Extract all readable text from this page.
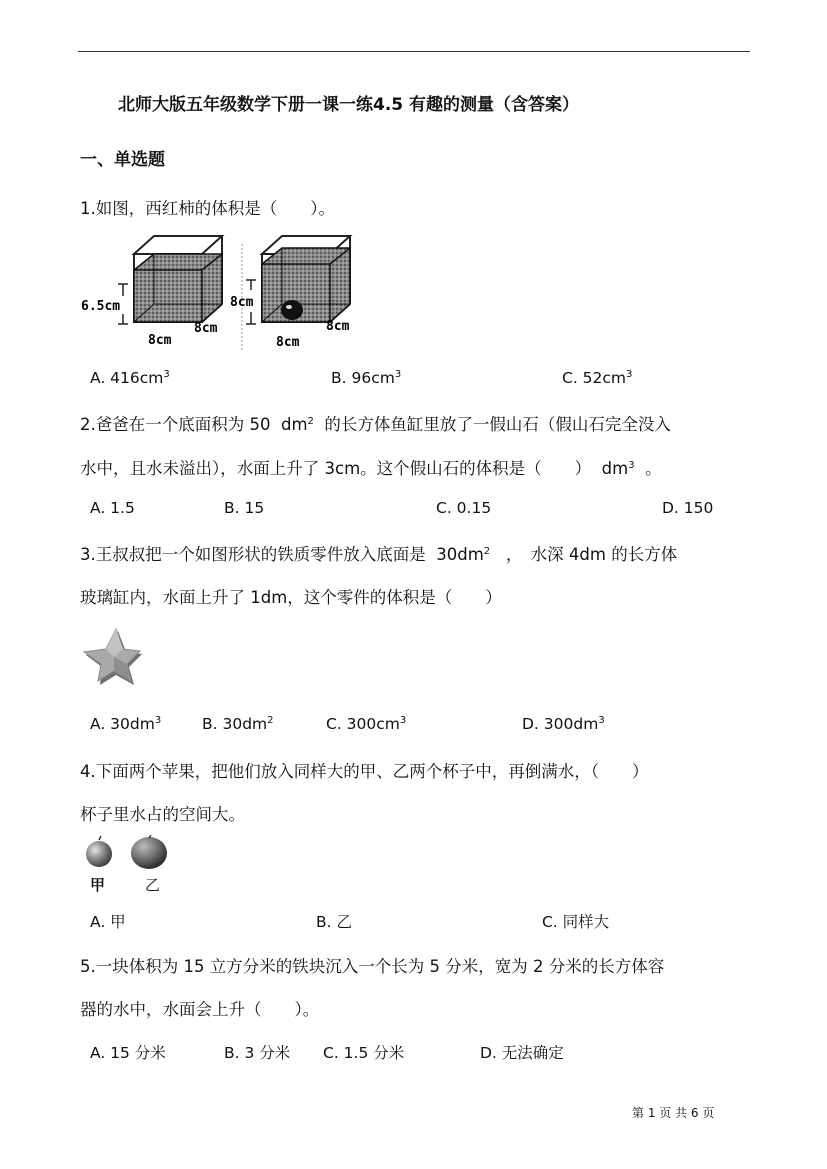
北师大版五年级数学下册一课一练4.5 有趣的测量（含答案）
一、单选题
1.如图，西红柿的体积是（　　）。
6.5cm
8cm
8cm
8cm
8cm
8cm
A. $416cm^3$	B. $96cm^3$	C. $52cm^3$
2.爸爸在一个底面积为 50 $dm^2$ 的长方体鱼缸里放了一假山石（假山石完全没入
水中，且水未溢出），水面上升了 3cm。这个假山石的体积是（　　） $dm^3$ 。
A. 1.5	B. 15	C. 0.15	D. 150
3.王叔叔把一个如图形状的铁质零件放入底面是 $30dm^2$ ，　水深 4dm 的长方体
玻璃缸内，水面上升了 1dm，这个零件的体积是（　　）
A. $30dm^3$	B. $30dm^2$	C. $300cm^3$	D. $300dm^3$
4.下面两个苹果，把他们放入同样大的甲、乙两个杯子中，再倒满水，（　　）
杯子里水占的空间大。
甲	乙
A. 甲	B. 乙	C. 同样大
5.一块体积为 15 立方分米的铁块沉入一个长为 5 分米，宽为 2 分米的长方体容
器的水中，水面会上升（　　）。
A. 15 分米	B. 3 分米 C. 1.5 分米	D. 无法确定
第 1 页 共 6 页
